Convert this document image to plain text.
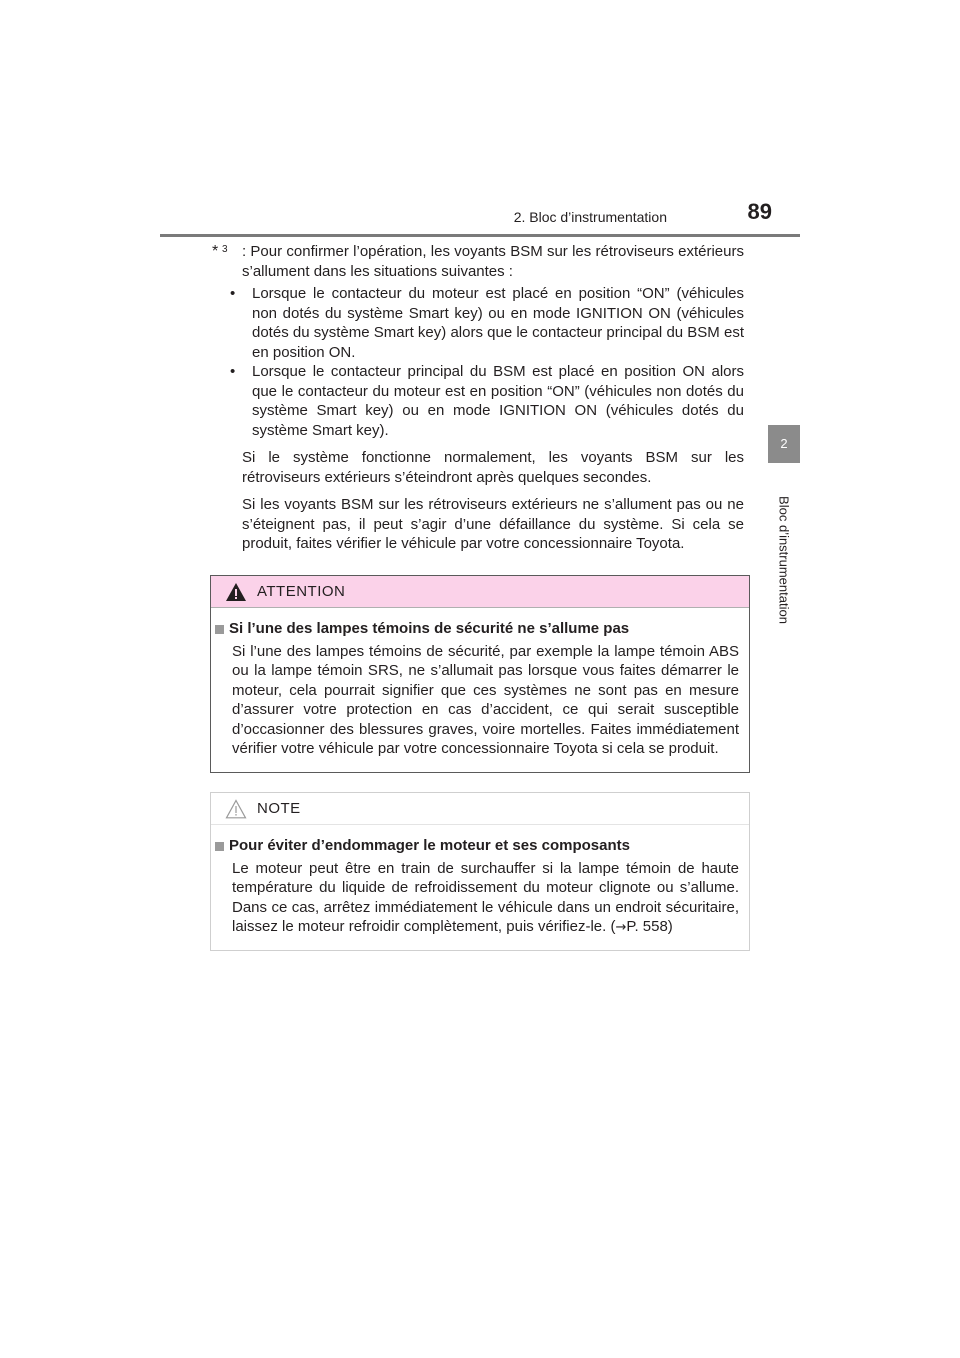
2. Bloc d’instrumentation	89
2
Bloc d’instrumentation
* 3 : Pour confirmer l’opération, les voyants BSM sur les rétroviseurs extérieurs s’allument dans les situations suivantes :
•	Lorsque le contacteur du moteur est placé en position “ON” (véhicules non dotés du système Smart key) ou en mode IGNITION ON (véhicules dotés du système Smart key) alors que le contacteur principal du BSM est en position ON.
•	Lorsque le contacteur principal du BSM est placé en position ON alors que le contacteur du moteur est en position “ON” (véhicules non dotés du système Smart key) ou en mode IGNITION ON (véhicules dotés du système Smart key).
Si le système fonctionne normalement, les voyants BSM sur les rétroviseurs extérieurs s’éteindront après quelques secondes.
Si les voyants BSM sur les rétroviseurs extérieurs ne s’allument pas ou ne s’éteignent pas, il peut s’agir d’une défaillance du système. Si cela se produit, faites vérifier le véhicule par votre concessionnaire Toyota.
ATTENTION
Si l’une des lampes témoins de sécurité ne s’allume pas
Si l’une des lampes témoins de sécurité, par exemple la lampe témoin ABS ou la lampe témoin SRS, ne s’allumait pas lorsque vous faites démarrer le moteur, cela pourrait signifier que ces systèmes ne sont pas en mesure d’assurer votre protection en cas d’accident, ce qui serait susceptible d’occasionner des blessures graves, voire mortelles. Faites immédiatement vérifier votre véhicule par votre concessionnaire Toyota si cela se produit.
NOTE
Pour éviter d’endommager le moteur et ses composants
Le moteur peut être en train de surchauffer si la lampe témoin de haute température du liquide de refroidissement du moteur clignote ou s’allume. Dans ce cas, arrêtez immédiatement le véhicule dans un endroit sécuritaire, laissez le moteur refroidir complètement, puis vérifiez-le. (→P. 558)
